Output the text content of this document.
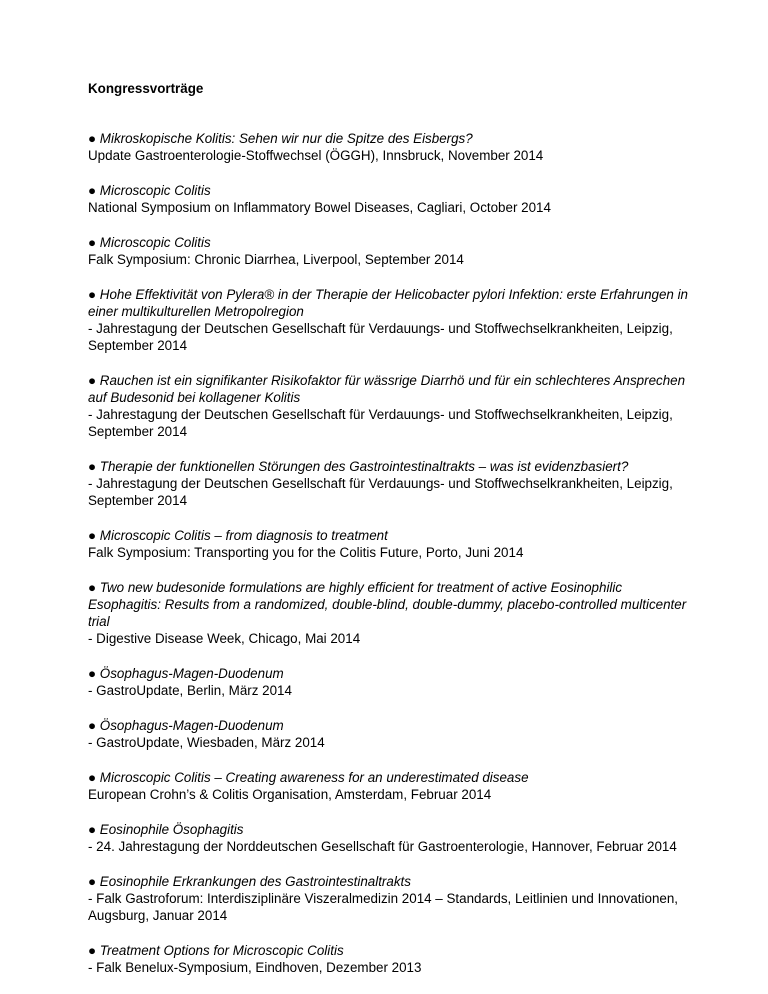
Kongressvorträge
● Mikroskopische Kolitis: Sehen wir nur die Spitze des Eisbergs?
Update Gastroenterologie-Stoffwechsel (ÖGGH), Innsbruck, November 2014
● Microscopic Colitis
National Symposium on Inflammatory Bowel Diseases, Cagliari, October 2014
● Microscopic Colitis
Falk Symposium: Chronic Diarrhea, Liverpool, September 2014
● Hohe Effektivität von Pylera® in der Therapie der Helicobacter pylori Infektion: erste Erfahrungen in einer multikulturellen Metropolregion
- Jahrestagung der Deutschen Gesellschaft für Verdauungs- und Stoffwechselkrankheiten, Leipzig, September 2014
● Rauchen ist ein signifikanter Risikofaktor für wässrige Diarrhö und für ein schlechteres Ansprechen auf Budesonid bei kollagener Kolitis
- Jahrestagung der Deutschen Gesellschaft für Verdauungs- und Stoffwechselkrankheiten, Leipzig, September 2014
● Therapie der funktionellen Störungen des Gastrointestinaltrakts – was ist evidenzbasiert?
- Jahrestagung der Deutschen Gesellschaft für Verdauungs- und Stoffwechselkrankheiten, Leipzig, September 2014
● Microscopic Colitis – from diagnosis to treatment
Falk Symposium: Transporting you for the Colitis Future, Porto, Juni 2014
● Two new budesonide formulations are highly efficient for treatment of active Eosinophilic Esophagitis: Results from a randomized, double-blind, double-dummy, placebo-controlled multicenter trial
- Digestive Disease Week, Chicago, Mai 2014
● Ösophagus-Magen-Duodenum
- GastroUpdate, Berlin, März 2014
● Ösophagus-Magen-Duodenum
- GastroUpdate, Wiesbaden, März 2014
● Microscopic Colitis – Creating awareness for an underestimated disease
European Crohn’s & Colitis Organisation, Amsterdam, Februar 2014
● Eosinophile Ösophagitis
- 24. Jahrestagung der Norddeutschen Gesellschaft für Gastroenterologie, Hannover, Februar 2014
● Eosinophile Erkrankungen des Gastrointestinaltrakts
- Falk Gastroforum: Interdisziplinäre Viszeralmedizin 2014 – Standards, Leitlinien und Innovationen, Augsburg, Januar 2014
● Treatment Options for Microscopic Colitis
- Falk Benelux-Symposium, Eindhoven, Dezember 2013
